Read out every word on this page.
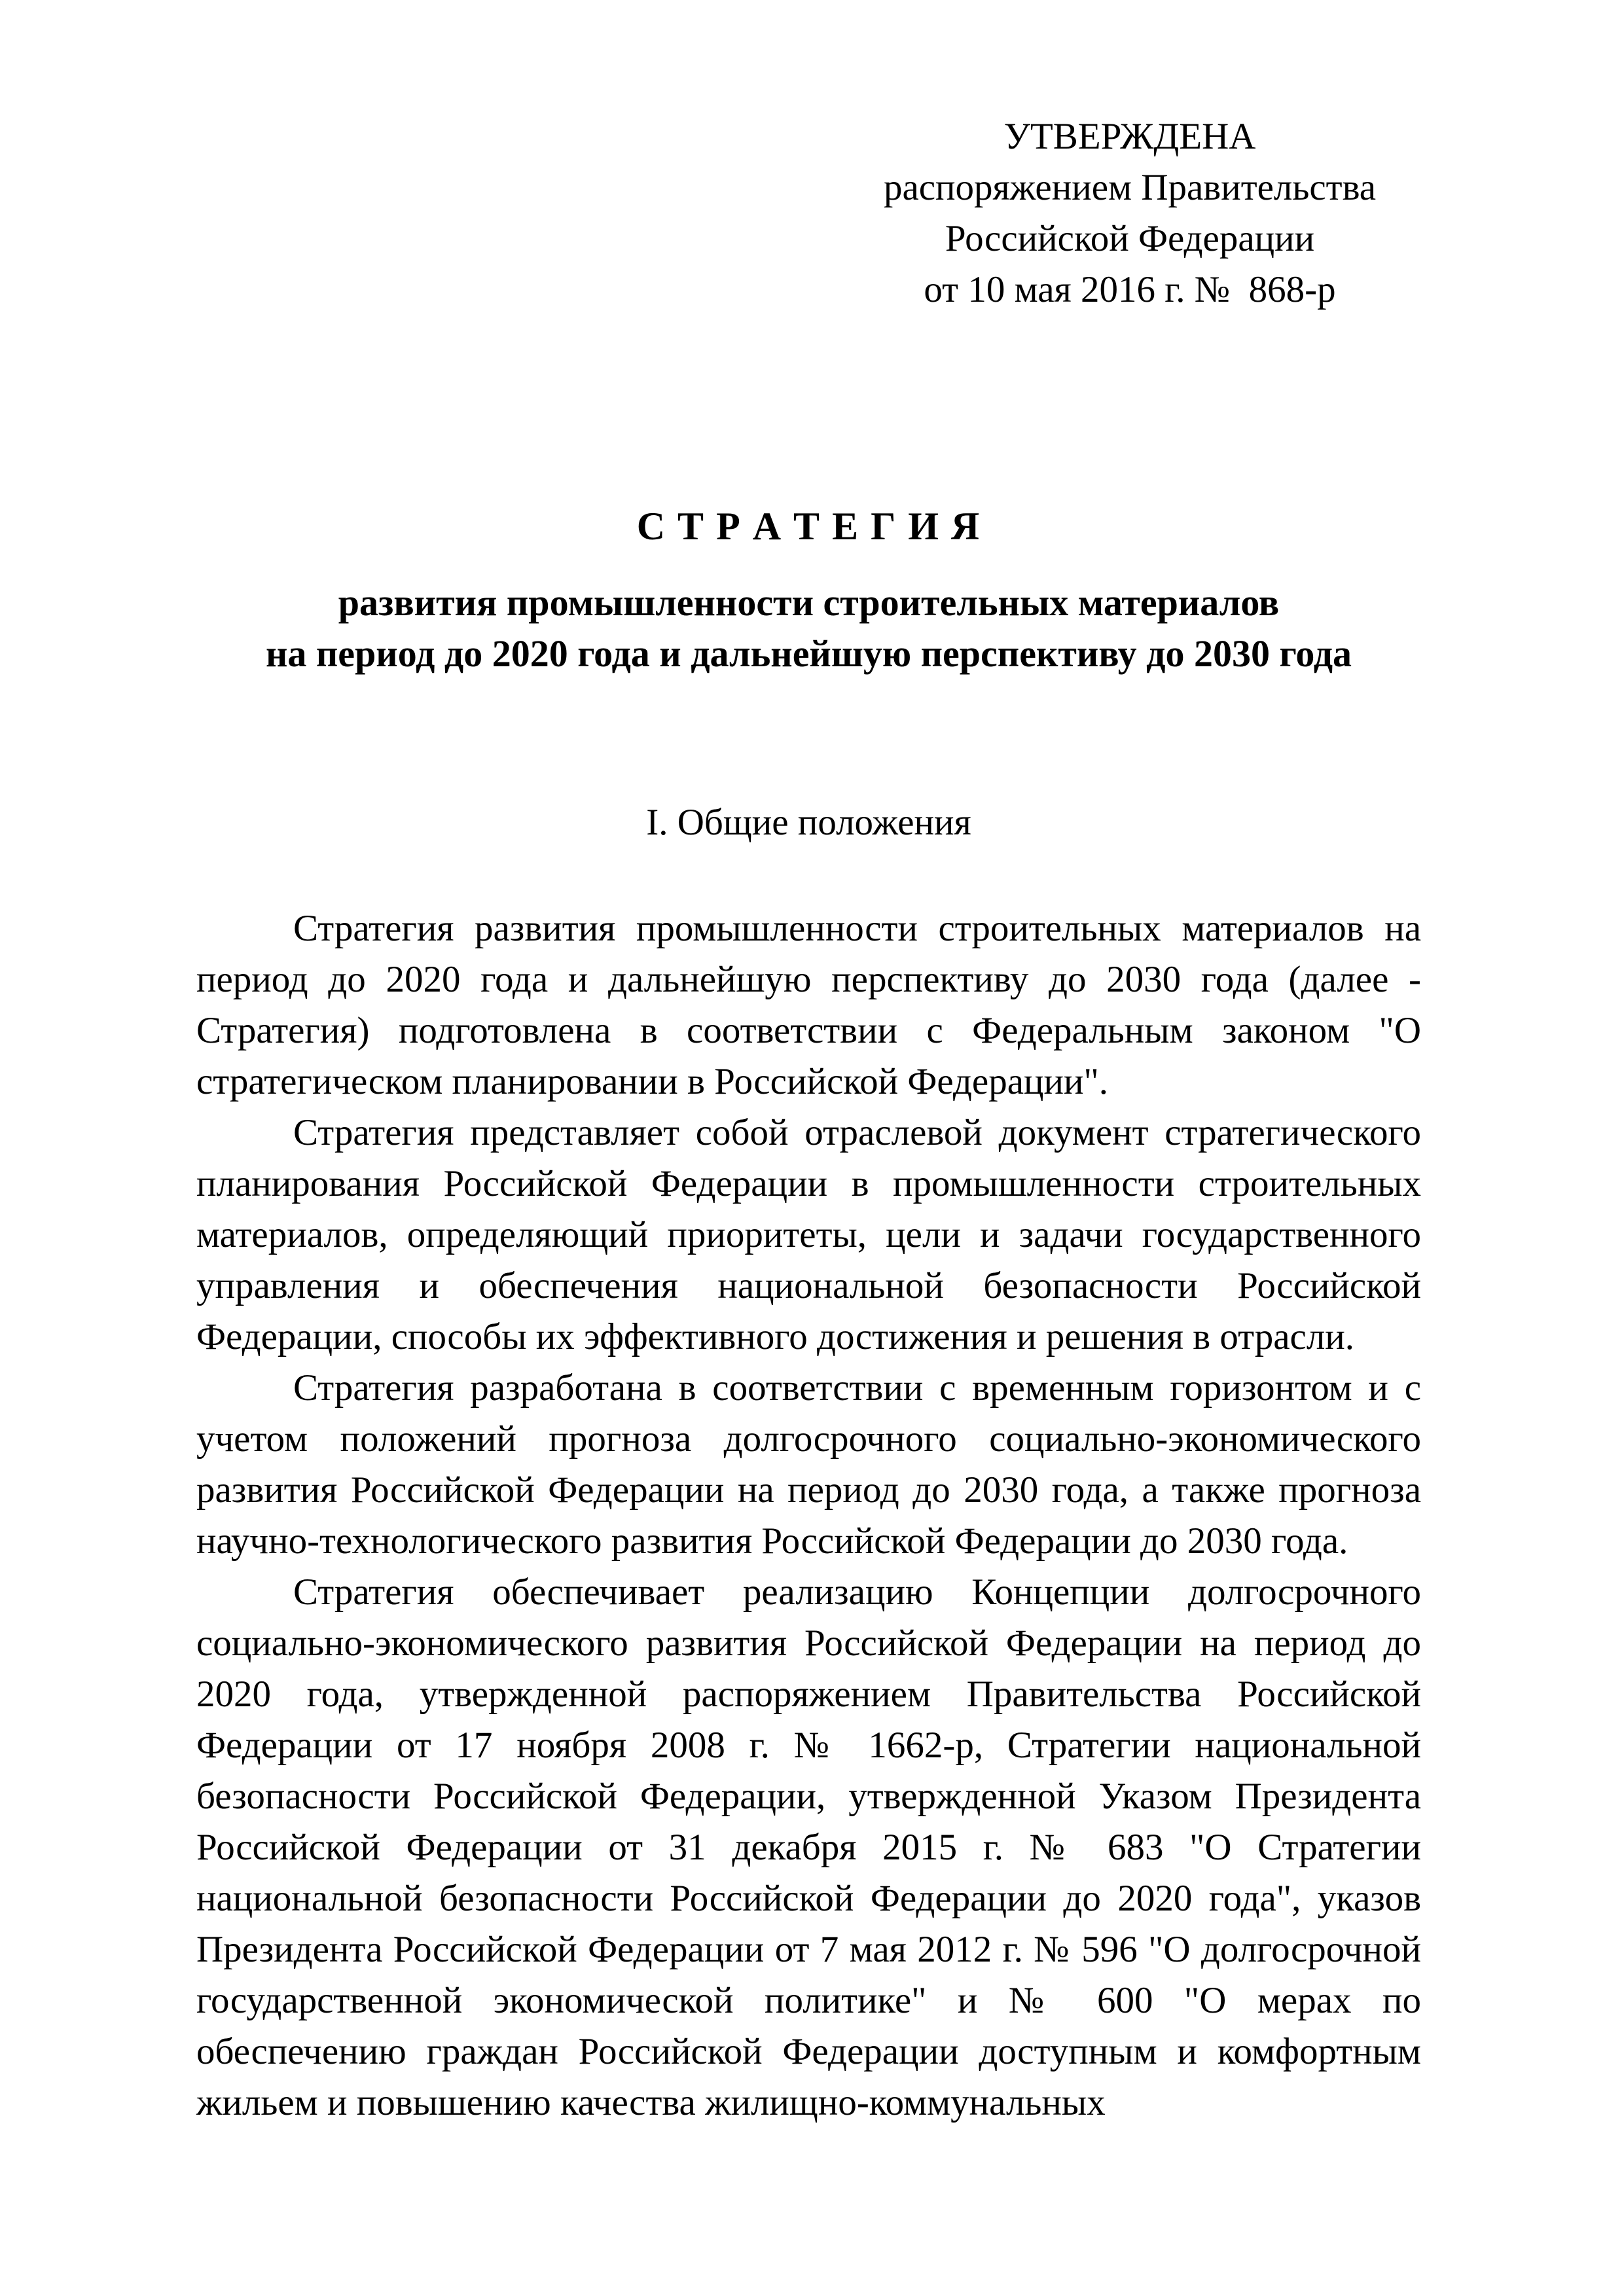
УТВЕРЖДЕНА
распоряжением Правительства
Российской Федерации
от 10 мая 2016 г. №  868-р
С Т Р А Т Е Г И Я
развития промышленности строительных материалов
на период до 2020 года и дальнейшую перспективу до 2030 года
I. Общие положения

Стратегия развития промышленности строительных материалов на период до 2020 года и дальнейшую перспективу до 2030 года (далее - Стратегия) подготовлена в соответствии с Федеральным законом "О стратегическом планировании в Российской Федерации".

Стратегия представляет собой отраслевой документ стратегического планирования Российской Федерации в промышленности строительных материалов, определяющий приоритеты, цели и задачи государственного управления и обеспечения национальной безопасности Российской Федерации, способы их эффективного достижения и решения в отрасли.

Стратегия разработана в соответствии с временным горизонтом и с учетом положений прогноза долгосрочного социально-экономического развития Российской Федерации на период до 2030 года, а также прогноза научно-технологического развития Российской Федерации до 2030 года.

Стратегия обеспечивает реализацию Концепции долгосрочного социально-экономического развития Российской Федерации на период до 2020 года, утвержденной распоряжением Правительства Российской Федерации от 17 ноября 2008 г. № 1662-р, Стратегии национальной безопасности Российской Федерации, утвержденной Указом Президента Российской Федерации от 31 декабря 2015 г. № 683 "О Стратегии национальной безопасности Российской Федерации до 2020 года", указов Президента Российской Федерации от 7 мая 2012 г. № 596 "О долгосрочной государственной экономической политике" и № 600 "О мерах по обеспечению граждан Российской Федерации доступным и комфортным жильем и повышению качества жилищно-коммунальных
